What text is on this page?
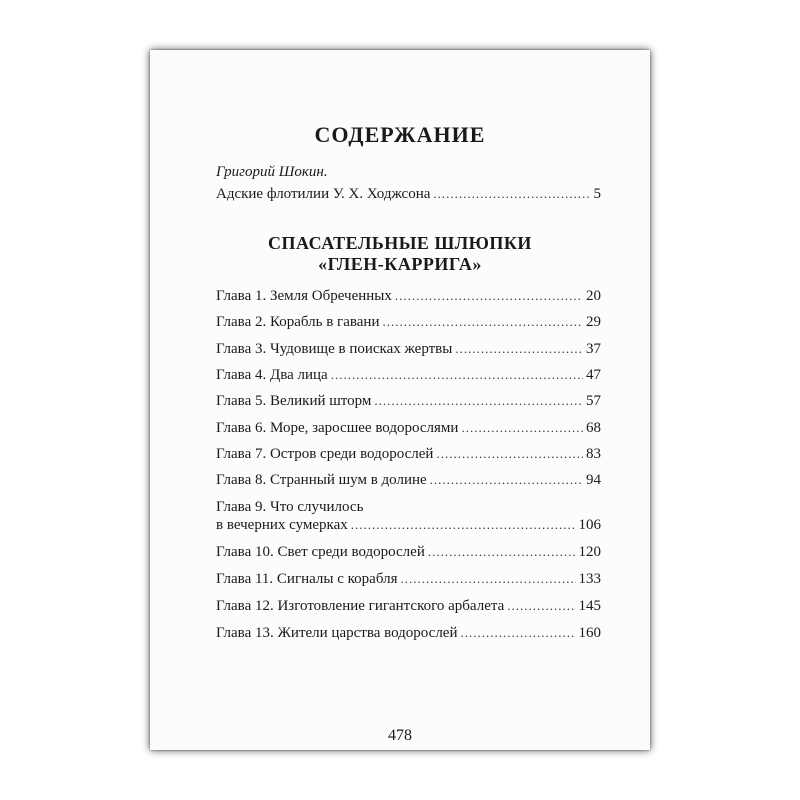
СОДЕРЖАНИЕ
Григорий Шокин.
Адские флотилии У. Х. Ходжсона .....	5
СПАСАТЕЛЬНЫЕ ШЛЮПКИ
«ГЛЕН-КАРРИГА»
Глава 1. Земля Обреченных .....	20
Глава 2. Корабль в гавани .....	29
Глава 3. Чудовище в поисках жертвы .....	37
Глава 4. Два лица .....	47
Глава 5. Великий шторм .....	57
Глава 6. Море, заросшее водорослями .....	68
Глава 7. Остров среди водорослей .....	83
Глава 8. Странный шум в долине .....	94
Глава 9. Что случилось
в вечерних сумерках .....	106
Глава 10. Свет среди водорослей .....	120
Глава 11. Сигналы с корабля .....	133
Глава 12. Изготовление гигантского арбалета .....	145
Глава 13. Жители царства водорослей .....	160
478
